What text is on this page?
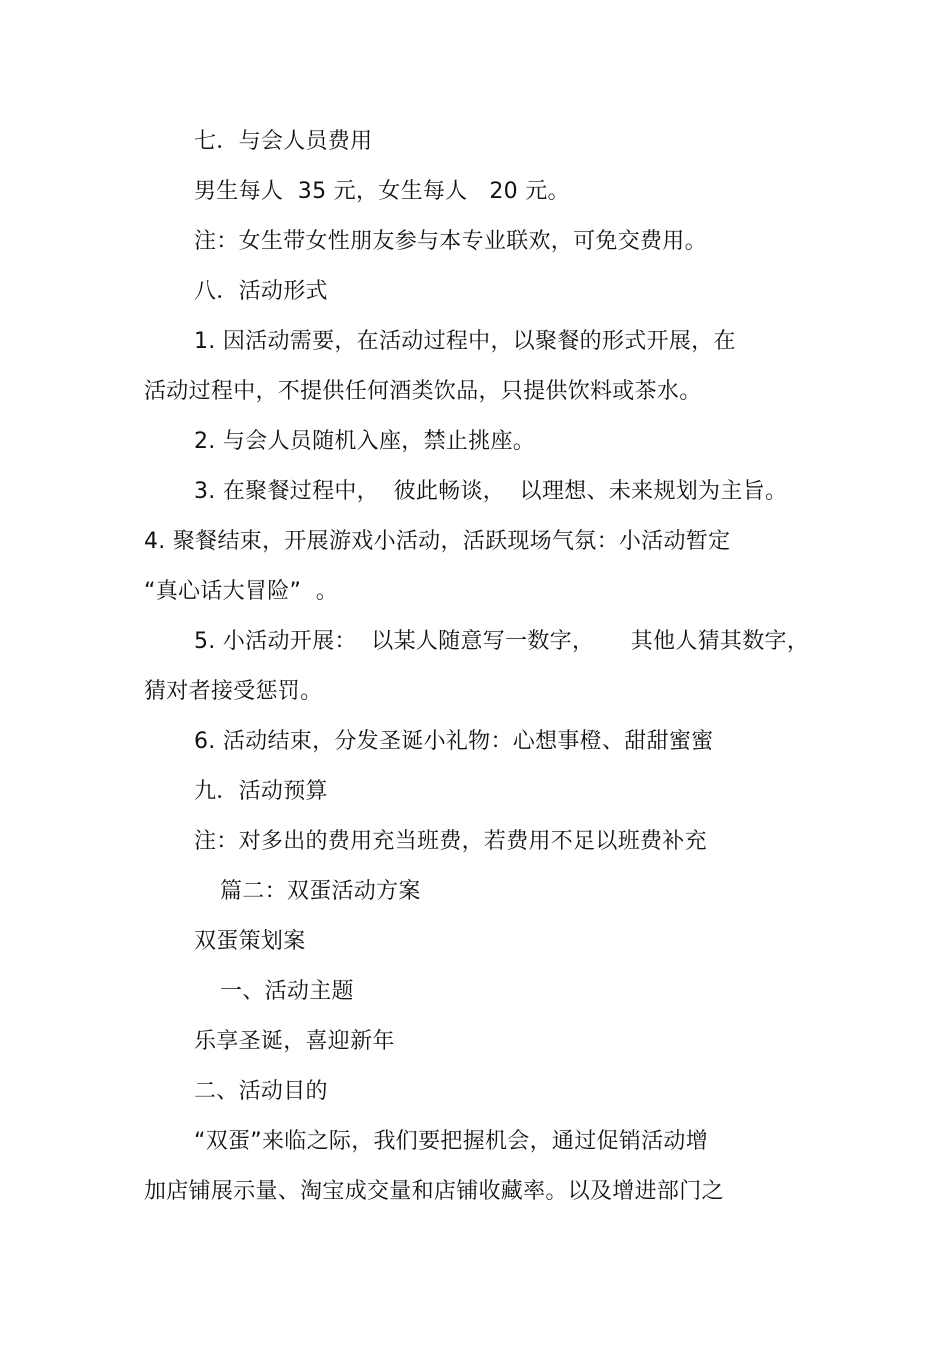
七．与会人员费用
男生每人  35 元，女生每人   20 元。
注：女生带女性朋友参与本专业联欢，可免交费用。
八．活动形式
1. 因活动需要，在活动过程中，以聚餐的形式开展，在
活动过程中，不提供任何酒类饮品，只提供饮料或茶水。
2. 与会人员随机入座，禁止挑座。
3. 在聚餐过程中，  彼此畅谈，  以理想、未来规划为主旨。
4. 聚餐结束，开展游戏小活动，活跃现场气氛：小活动暂定
“真心话大冒险”  。
5. 小活动开展：  以某人随意写一数字，     其他人猜其数字，
猜对者接受惩罚。
6. 活动结束，分发圣诞小礼物：心想事橙、甜甜蜜蜜
九．活动预算
注：对多出的费用充当班费，若费用不足以班费补充
篇二：双蛋活动方案
双蛋策划案
一、活动主题
乐享圣诞，喜迎新年
二、活动目的
“双蛋”来临之际，我们要把握机会，通过促销活动增
加店铺展示量、淘宝成交量和店铺收藏率。以及增进部门之
